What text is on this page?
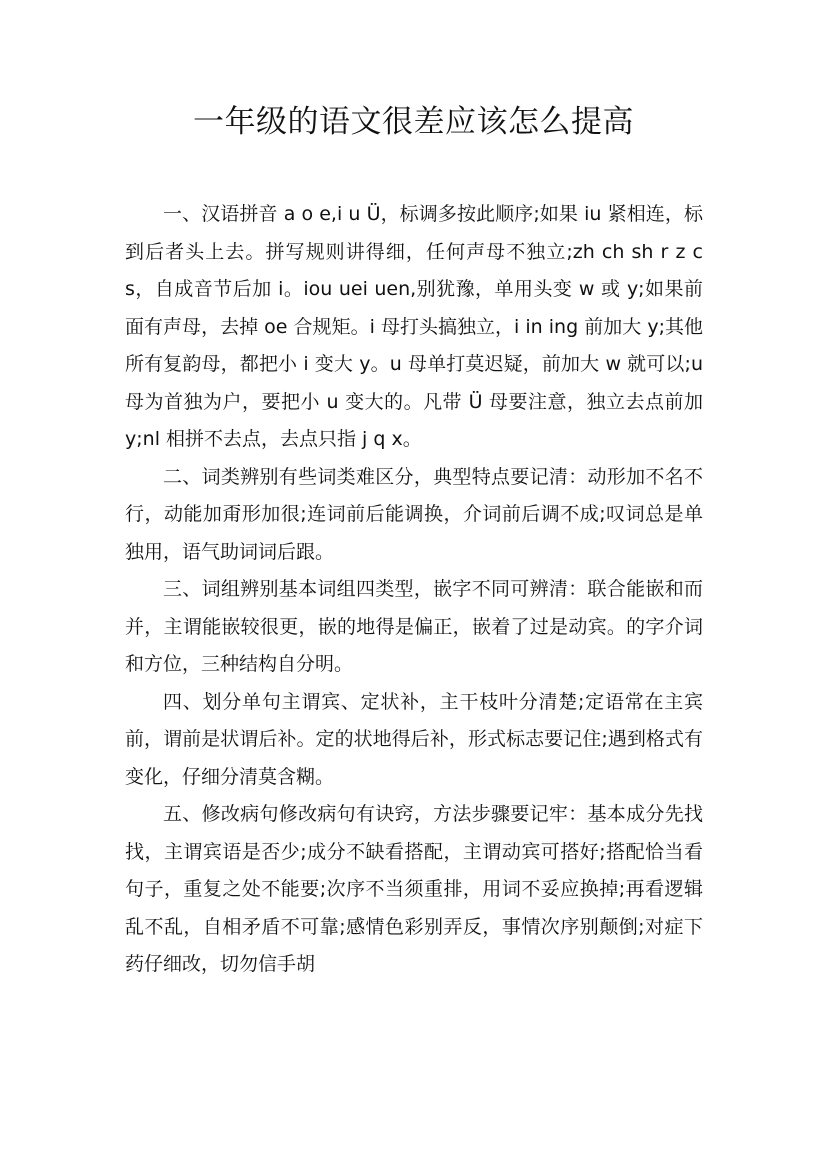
一年级的语文很差应该怎么提高

一、汉语拼音 a o e,i u Ü，标调多按此顺序;如果 iu 紧相连，标到后者头上去。拼写规则讲得细，任何声母不独立;zh ch sh r z c s，自成音节后加 i。iou uei uen,别犹豫，单用头变 w 或 y;如果前面有声母，去掉 oe 合规矩。i 母打头搞独立，i in ing 前加大 y;其他所有复韵母，都把小 i 变大 y。u 母单打莫迟疑，前加大 w 就可以;u 母为首独为户，要把小 u 变大的。凡带 Ü 母要注意，独立去点前加 y;nl 相拼不去点，去点只指 j q x。

二、词类辨别有些词类难区分，典型特点要记清：动形加不名不行，动能加甭形加很;连词前后能调换，介词前后调不成;叹词总是单独用，语气助词词后跟。

三、词组辨别基本词组四类型，嵌字不同可辨清：联合能嵌和而并，主谓能嵌较很更，嵌的地得是偏正，嵌着了过是动宾。的字介词和方位，三种结构自分明。

四、划分单句主谓宾、定状补，主干枝叶分清楚;定语常在主宾前，谓前是状谓后补。定的状地得后补，形式标志要记住;遇到格式有变化，仔细分清莫含糊。

五、修改病句修改病句有诀窍，方法步骤要记牢：基本成分先找找，主谓宾语是否少;成分不缺看搭配，主谓动宾可搭好;搭配恰当看句子，重复之处不能要;次序不当须重排，用词不妥应换掉;再看逻辑乱不乱，自相矛盾不可靠;感情色彩别弄反，事情次序别颠倒;对症下药仔细改，切勿信手胡
